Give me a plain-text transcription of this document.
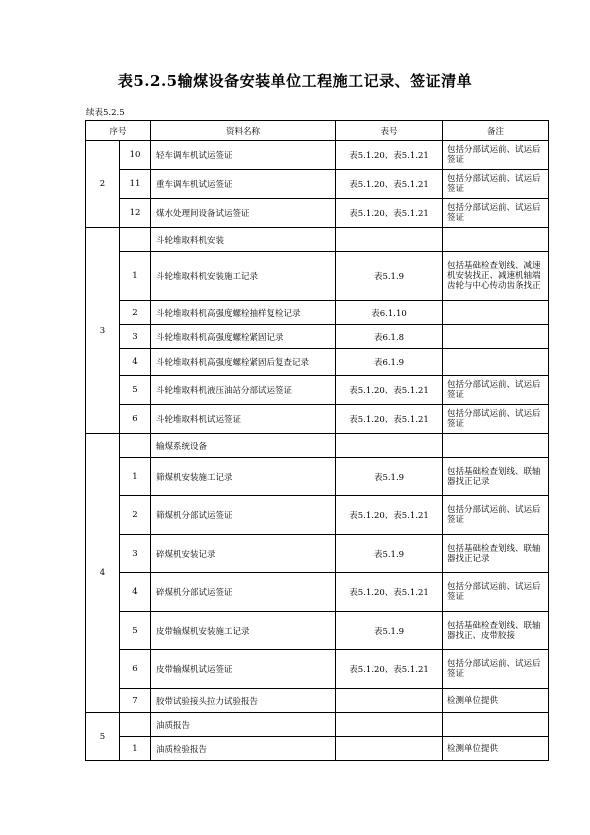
表5.2.5输煤设备安装单位工程施工记录、签证清单
续表5.2.5
序号		资料名称	表号	备注
2	10	轻车调车机试运签证	表5.1.20、表5.1.21	包括分部试运前、试运后签证
	11	重车调车机试运签证	表5.1.20、表5.1.21	包括分部试运前、试运后签证
	12	煤水处理间设备试运签证	表5.1.20、表5.1.21	包括分部试运前、试运后签证
3		斗轮堆取料机安装		
	1	斗轮堆取料机安装施工记录	表5.1.9	包括基础检查划线、减速机安装找正、减速机轴端齿轮与中心传动齿条找正
	2	斗轮堆取料机高强度螺栓抽样复检记录	表6.1.10	
	3	斗轮堆取料机高强度螺栓紧固记录	表6.1.8	
	4	斗轮堆取料机高强度螺栓紧固后复查记录	表6.1.9	
	5	斗轮堆取料机液压油站分部试运签证	表5.1.20、表5.1.21	包括分部试运前、试运后签证
	6	斗轮堆取料机试运签证	表5.1.20、表5.1.21	包括分部试运前、试运后签证
4		输煤系统设备		
	1	筛煤机安装施工记录	表5.1.9	包括基础检查划线、联轴器找正记录
	2	筛煤机分部试运签证	表5.1.20、表5.1.21	包括分部试运前、试运后签证
	3	碎煤机安装记录	表5.1.9	包括基础检查划线、联轴器找正记录
	4	碎煤机分部试运签证	表5.1.20、表5.1.21	包括分部试运前、试运后签证
	5	皮带输煤机安装施工记录	表5.1.9	包括基础检查划线、联轴器找正、皮带胶接
	6	皮带输煤机试运签证	表5.1.20、表5.1.21	包括分部试运前、试运后签证
	7	胶带试验接头拉力试验报告		检测单位提供
5		油质报告		
	1	油质检验报告		检测单位提供
